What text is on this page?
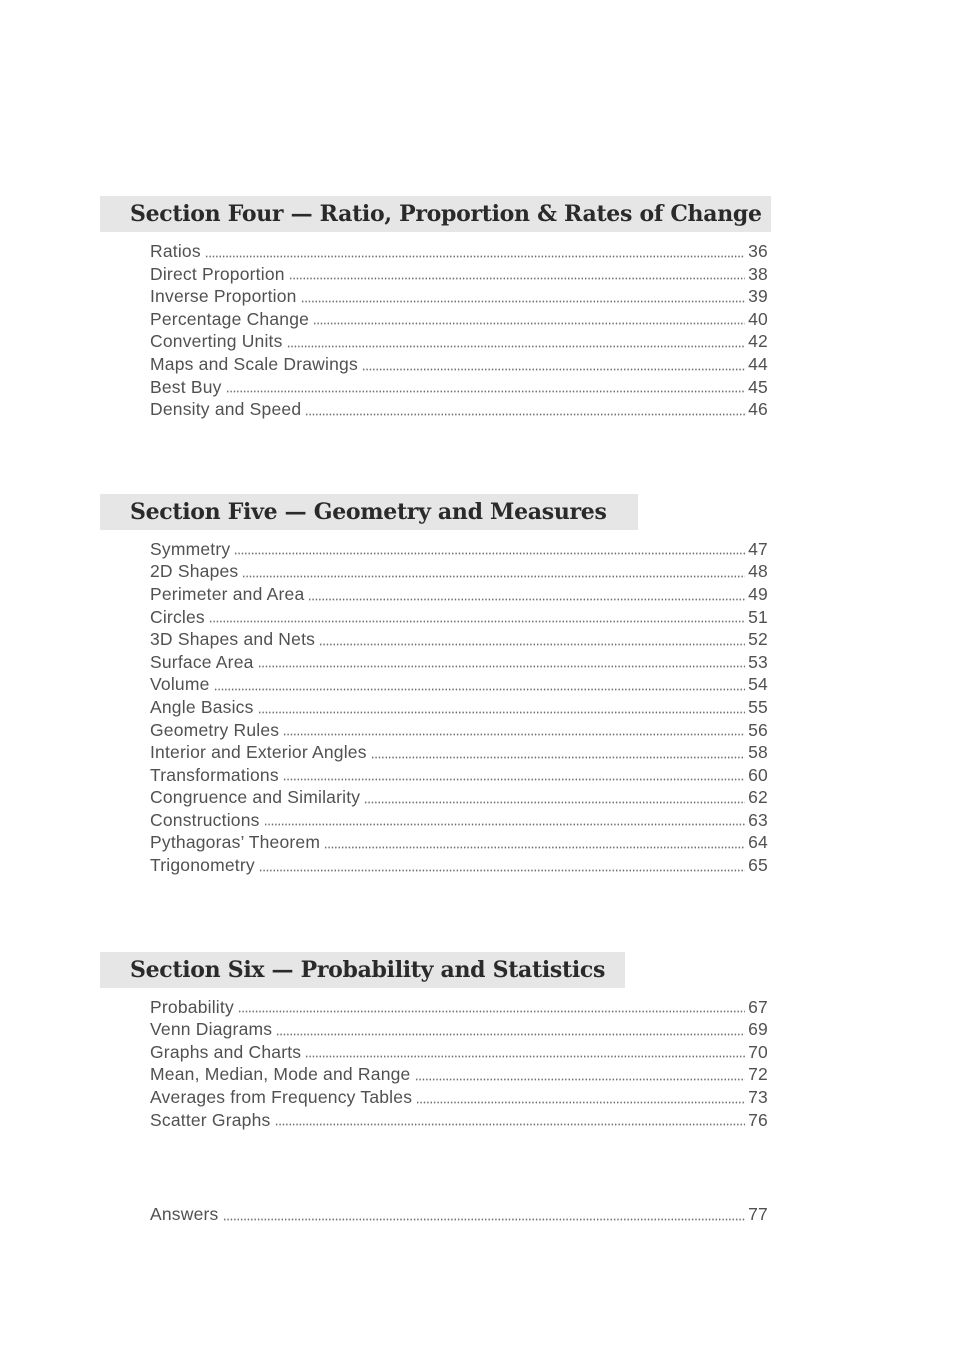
Section Four — Ratio, Proportion & Rates of Change
Ratios	36
Direct Proportion	38
Inverse Proportion	39
Percentage Change	40
Converting Units	42
Maps and Scale Drawings	44
Best Buy	45
Density and Speed	46
Section Five — Geometry and Measures
Symmetry	47
2D Shapes	48
Perimeter and Area	49
Circles	51
3D Shapes and Nets	52
Surface Area	53
Volume	54
Angle Basics	55
Geometry Rules	56
Interior and Exterior Angles	58
Transformations	60
Congruence and Similarity	62
Constructions	63
Pythagoras’ Theorem	64
Trigonometry	65
Section Six — Probability and Statistics
Probability	67
Venn Diagrams	69
Graphs and Charts	70
Mean, Median, Mode and Range	72
Averages from Frequency Tables	73
Scatter Graphs	76
Answers	77
